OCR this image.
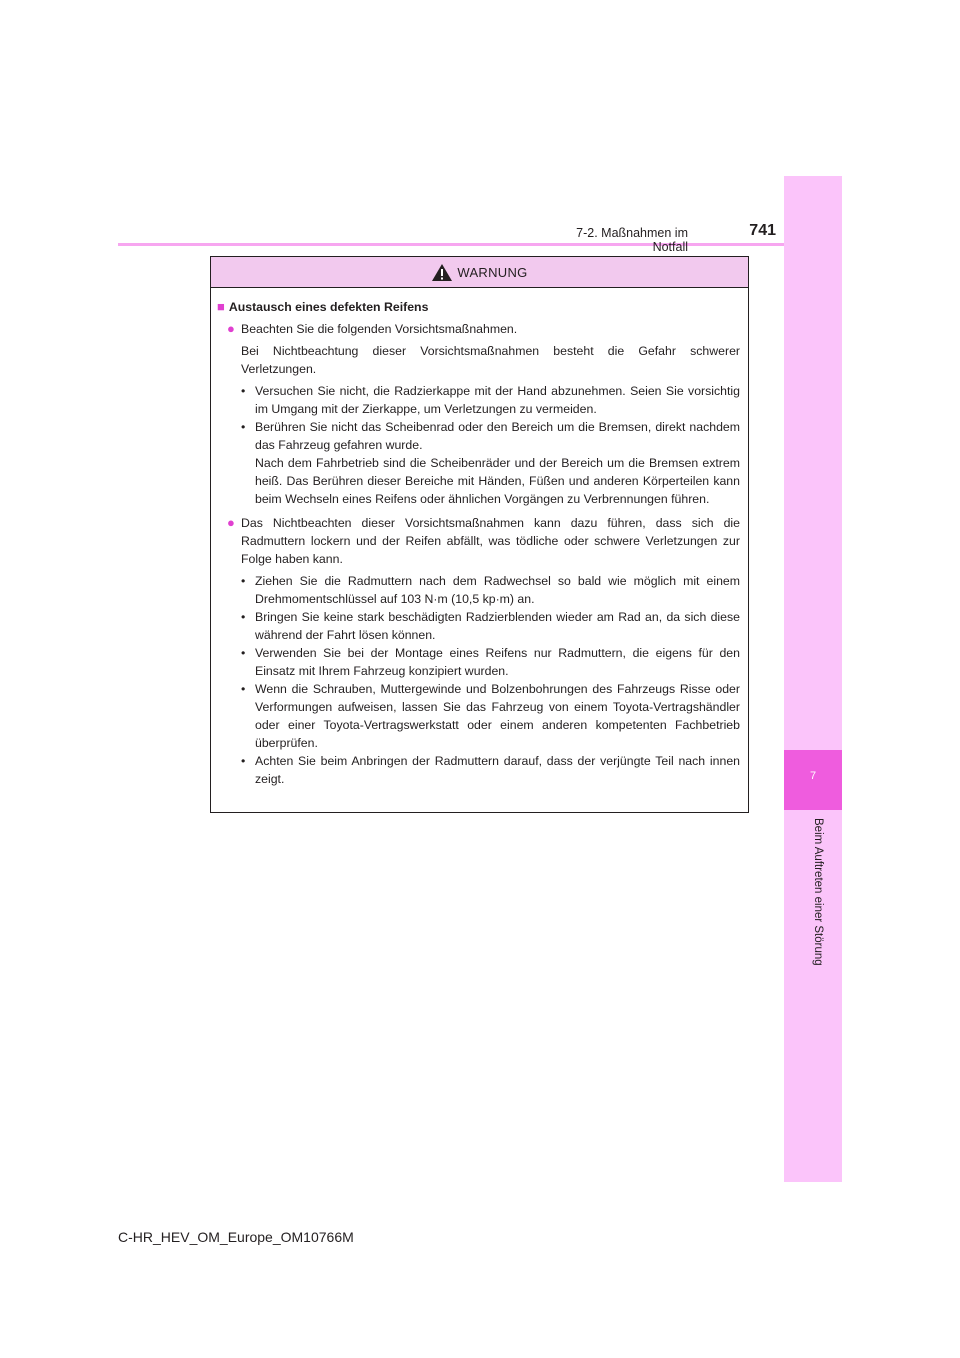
7-2. Maßnahmen im Notfall
741
7
Beim Auftreten einer Störung
WARNUNG
■ Austausch eines defekten Reifens
● Beachten Sie die folgenden Vorsichtsmaßnahmen.
Bei Nichtbeachtung dieser Vorsichtsmaßnahmen besteht die Gefahr schwerer Verletzungen.
• Versuchen Sie nicht, die Radzierkappe mit der Hand abzunehmen. Seien Sie vorsichtig im Umgang mit der Zierkappe, um Verletzungen zu vermeiden.
• Berühren Sie nicht das Scheibenrad oder den Bereich um die Bremsen, direkt nachdem das Fahrzeug gefahren wurde.
Nach dem Fahrbetrieb sind die Scheibenräder und der Bereich um die Bremsen extrem heiß. Das Berühren dieser Bereiche mit Händen, Füßen und anderen Körperteilen kann beim Wechseln eines Reifens oder ähnlichen Vorgängen zu Verbrennungen führen.
● Das Nichtbeachten dieser Vorsichtsmaßnahmen kann dazu führen, dass sich die Radmuttern lockern und der Reifen abfällt, was tödliche oder schwere Verletzungen zur Folge haben kann.
• Ziehen Sie die Radmuttern nach dem Radwechsel so bald wie möglich mit einem Drehmomentschlüssel auf 103 N·m (10,5 kp·m) an.
• Bringen Sie keine stark beschädigten Radzierblenden wieder am Rad an, da sich diese während der Fahrt lösen können.
• Verwenden Sie bei der Montage eines Reifens nur Radmuttern, die eigens für den Einsatz mit Ihrem Fahrzeug konzipiert wurden.
• Wenn die Schrauben, Muttergewinde und Bolzenbohrungen des Fahrzeugs Risse oder Verformungen aufweisen, lassen Sie das Fahrzeug von einem Toyota-Vertragshändler oder einer Toyota-Vertragswerkstatt oder einem anderen kompetenten Fachbetrieb überprüfen.
• Achten Sie beim Anbringen der Radmuttern darauf, dass der verjüngte Teil nach innen zeigt.
C-HR_HEV_OM_Europe_OM10766M
